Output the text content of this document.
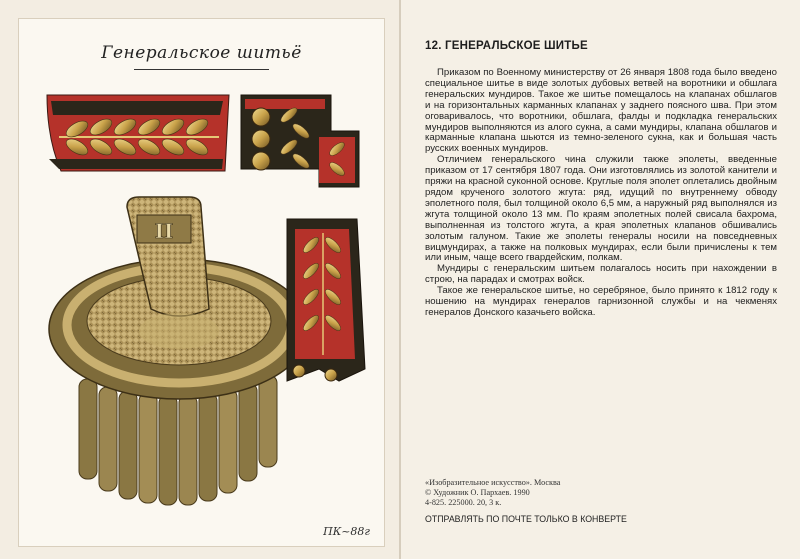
Генеральское шитьё
II
ПК~88г
12. ГЕНЕРАЛЬСКОЕ ШИТЬЕ

Приказом по Военному министерству от 26 января 1808 года было введено специальное шитье в виде золотых дубовых ветвей на воротники и обшлага генеральских мундиров. Такое же шитье помещалось на клапанах обшлагов и на горизонтальных карманных клапанах у заднего поясного шва. При этом оговаривалось, что воротники, обшлага, фалды и подкладка генеральских мундиров выполняются из алого сукна, а сами мундиры, клапана обшлагов и карманные клапана шьются из темно-зеленого сукна, как и большая часть русских военных мундиров.

Отличием генеральского чина служили также эполеты, введенные приказом от 17 сентября 1807 года. Они изготовлялись из золотой канители и пряжи на красной суконной основе. Круглые поля эполет оплетались двойным рядом крученого золотого жгута: ряд, идущий по внутреннему обводу эполетного поля, был толщиной около 6,5 мм, а наружный ряд выполнялся из жгута толщиной около 13 мм. По краям эполетных полей свисала бахрома, выполненная из толстого жгута, а края эполетных клапанов обшивались золотым галуном. Такие же эполеты генералы носили на повседневных вицмундирах, а также на полковых мундирах, если были причислены к тем или иным, чаще всего гвардейским, полкам.

Мундиры с генеральским шитьем полагалось носить при нахождении в строю, на парадах и смотрах войск.

Такое же генеральское шитье, но серебряное, было принято к 1812 году к ношению на мундирах генералов гарнизонной службы и на чекменях генералов Донского казачьего войска.

«Изобразительное искусство». Москва
© Художник О. Пархаев. 1990
4-825. 225000. 20, 3 к.
ОТПРАВЛЯТЬ ПО ПОЧТЕ ТОЛЬКО В КОНВЕРТЕ
